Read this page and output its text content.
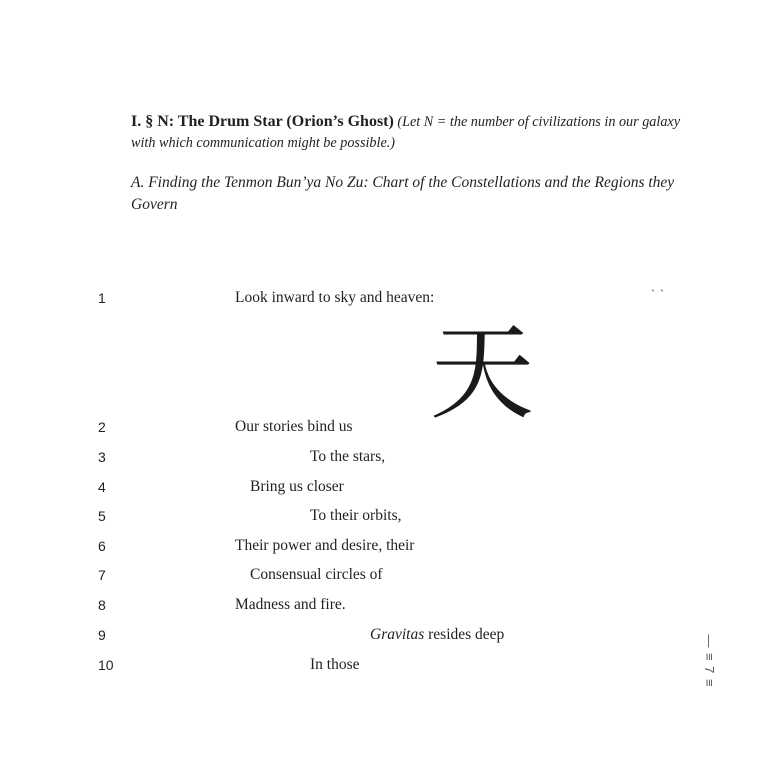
I. § N: The Drum Star (Orion’s Ghost) (Let N = the number of civilizations in our galaxy with which communication might be possible.)
A. Finding the Tenmon Bun’ya No Zu: Chart of the Constellations and the Regions they Govern
` `
1	Look inward to sky and heaven:
天
2	Our stories bind us
3	To the stars,
4	Bring us closer
5	To their orbits,
6	Their power and desire, their
7	Consensual circles of
8	Madness and fire.
9	Gravitas resides deep
10	In those	— ≡ 7 ≡
